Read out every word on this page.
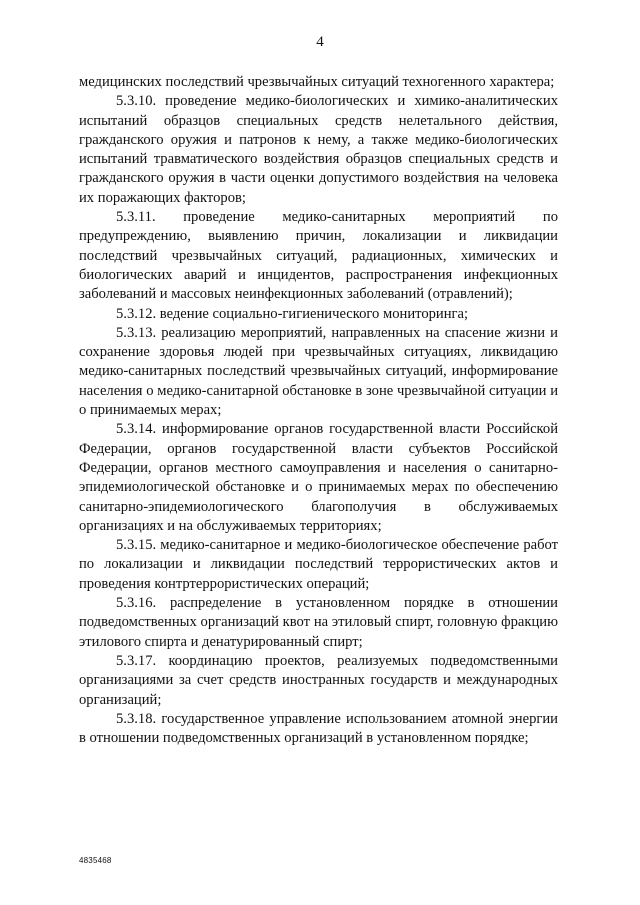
4

медицинских последствий чрезвычайных ситуаций техногенного характера;

5.3.10. проведение медико-биологических и химико-аналитических испытаний образцов специальных средств нелетального действия, гражданского оружия и патронов к нему, а также медико-биологических испытаний травматического воздействия образцов специальных средств и гражданского оружия в части оценки допустимого воздействия на человека их поражающих факторов;

5.3.11. проведение медико-санитарных мероприятий по предупреждению, выявлению причин, локализации и ликвидации последствий чрезвычайных ситуаций, радиационных, химических и биологических аварий и инцидентов, распространения инфекционных заболеваний и массовых неинфекционных заболеваний (отравлений);

5.3.12. ведение социально-гигиенического мониторинга;

5.3.13. реализацию мероприятий, направленных на спасение жизни и сохранение здоровья людей при чрезвычайных ситуациях, ликвидацию медико-санитарных последствий чрезвычайных ситуаций, информирование населения о медико-санитарной обстановке в зоне чрезвычайной ситуации и о принимаемых мерах;

5.3.14. информирование органов государственной власти Российской Федерации, органов государственной власти субъектов Российской Федерации, органов местного самоуправления и населения о санитарно-эпидемиологической обстановке и о принимаемых мерах по обеспечению санитарно-эпидемиологического благополучия в обслуживаемых организациях и на обслуживаемых территориях;

5.3.15. медико-санитарное и медико-биологическое обеспечение работ по локализации и ликвидации последствий террористических актов и проведения контртеррористических операций;

5.3.16. распределение в установленном порядке в отношении подведомственных организаций квот на этиловый спирт, головную фракцию этилового спирта и денатурированный спирт;

5.3.17. координацию проектов, реализуемых подведомственными организациями за счет средств иностранных государств и международных организаций;

5.3.18. государственное управление использованием атомной энергии в отношении подведомственных организаций в установленном порядке;

4835468
